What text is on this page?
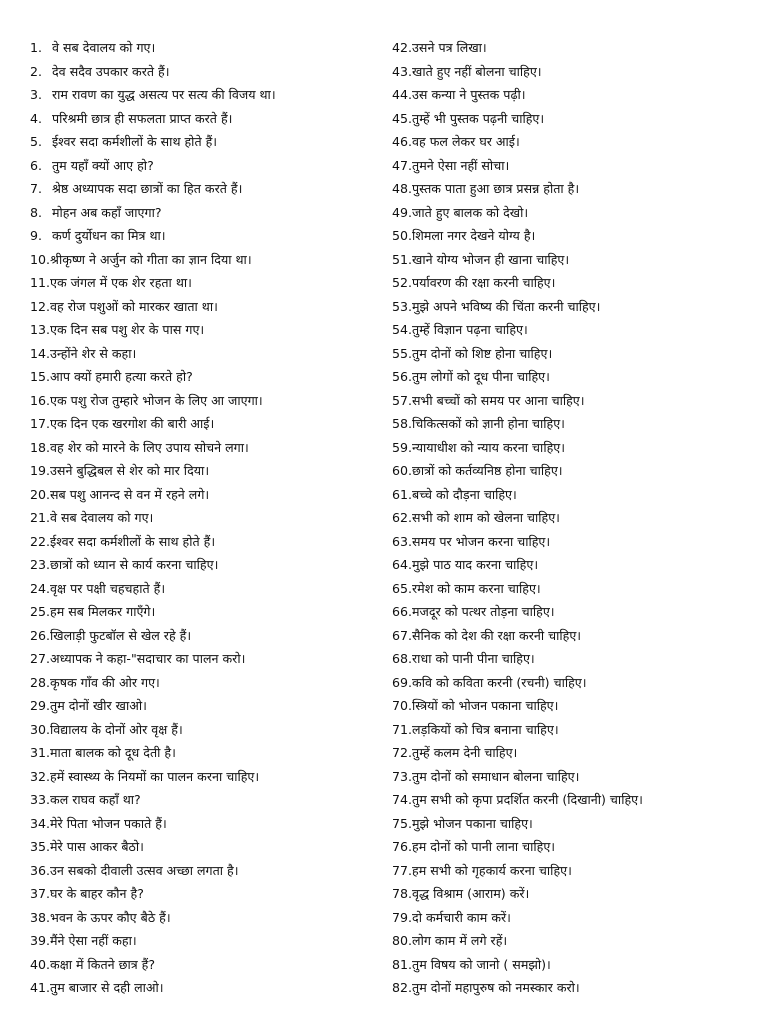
1. वे सब देवालय को गए।
2. देव सदैव उपकार करते हैं।
3. राम रावण का युद्ध असत्य पर सत्य की विजय था।
4. परिश्रमी छात्र ही सफलता प्राप्त करते हैं।
5. ईश्वर सदा कर्मशीलों के साथ होते हैं।
6. तुम यहाँ क्यों आए हो?
7. श्रेष्ठ अध्यापक सदा छात्रों का हित करते हैं।
8. मोहन अब कहाँ जाएगा?
9. कर्ण दुर्योधन का मित्र था।
10. श्रीकृष्ण ने अर्जुन को गीता का ज्ञान दिया था।
11. एक जंगल में एक शेर रहता था।
12. वह रोज पशुओं को मारकर खाता था।
13. एक दिन सब पशु शेर के पास गए।
14. उन्होंने शेर से कहा।
15. आप क्यों हमारी हत्या करते हो?
16. एक पशु रोज तुम्हारे भोजन के लिए आ जाएगा।
17. एक दिन एक खरगोश की बारी आई।
18. वह शेर को मारने के लिए उपाय सोचने लगा।
19. उसने बुद्धिबल से शेर को मार दिया।
20. सब पशु आनन्द से वन में रहने लगे।
21. वे सब देवालय को गए।
22. ईश्वर सदा कर्मशीलों के साथ होते हैं।
23. छात्रों को ध्यान से कार्य करना चाहिए।
24. वृक्ष पर पक्षी चहचहाते हैं।
25. हम सब मिलकर गाएँगे।
26. खिलाड़ी फुटबॉल से खेल रहे हैं।
27. अध्यापक ने कहा-"सदाचार का पालन करो।
28. कृषक गाँव की ओर गए।
29. तुम दोनों खीर खाओ।
30. विद्यालय के दोनों ओर वृक्ष हैं।
31. माता बालक को दूध देती है।
32. हमें स्वास्थ्य के नियमों का पालन करना चाहिए।
33. कल राघव कहाँ था?
34. मेरे पिता भोजन पकाते हैं।
35. मेरे पास आकर बैठो।
36. उन सबको दीवाली उत्सव अच्छा लगता है।
37. घर के बाहर कौन है?
38. भवन के ऊपर कौए बैठे हैं।
39. मैंने ऐसा नहीं कहा।
40. कक्षा में कितने छात्र हैं?
41. तुम बाजार से दही लाओ।
42. उसने पत्र लिखा।
43. खाते हुए नहीं बोलना चाहिए।
44. उस कन्या ने पुस्तक पढ़ी।
45. तुम्हें भी पुस्तक पढ़नी चाहिए।
46. वह फल लेकर घर आई।
47. तुमने ऐसा नहीं सोचा।
48. पुस्तक पाता हुआ छात्र प्रसन्न होता है।
49. जाते हुए बालक को देखो।
50. शिमला नगर देखने योग्य है।
51. खाने योग्य भोजन ही खाना चाहिए।
52. पर्यावरण की रक्षा करनी चाहिए।
53. मुझे अपने भविष्य की चिंता करनी चाहिए।
54. तुम्हें विज्ञान पढ़ना चाहिए।
55. तुम दोनों को शिष्ट होना चाहिए।
56. तुम लोगों को दूध पीना चाहिए।
57. सभी बच्चों को समय पर आना चाहिए।
58. चिकित्सकों को ज्ञानी होना चाहिए।
59. न्यायाधीश को न्याय करना चाहिए।
60. छात्रों को कर्तव्यनिष्ठ होना चाहिए।
61. बच्चे को दौड़ना चाहिए।
62. सभी को शाम को खेलना चाहिए।
63. समय पर भोजन करना चाहिए।
64. मुझे पाठ याद करना चाहिए।
65. रमेश को काम करना चाहिए।
66. मजदूर को पत्थर तोड़ना चाहिए।
67. सैनिक को देश की रक्षा करनी चाहिए।
68. राधा को पानी पीना चाहिए।
69. कवि को कविता करनी (रचनी) चाहिए।
70. स्त्रियों को भोजन पकाना चाहिए।
71. लड़कियों को चित्र बनाना चाहिए।
72. तुम्हें कलम देनी चाहिए।
73. तुम दोनों को समाधान बोलना चाहिए।
74. तुम सभी को कृपा प्रदर्शित करनी (दिखानी) चाहिए।
75. मुझे भोजन पकाना चाहिए।
76. हम दोनों को पानी लाना चाहिए।
77. हम सभी को गृहकार्य करना चाहिए।
78. वृद्ध विश्राम (आराम) करें।
79. दो कर्मचारी काम करें।
80. लोग काम में लगे रहें।
81. तुम विषय को जानो ( समझो)।
82. तुम दोनों महापुरुष को नमस्कार करो।
